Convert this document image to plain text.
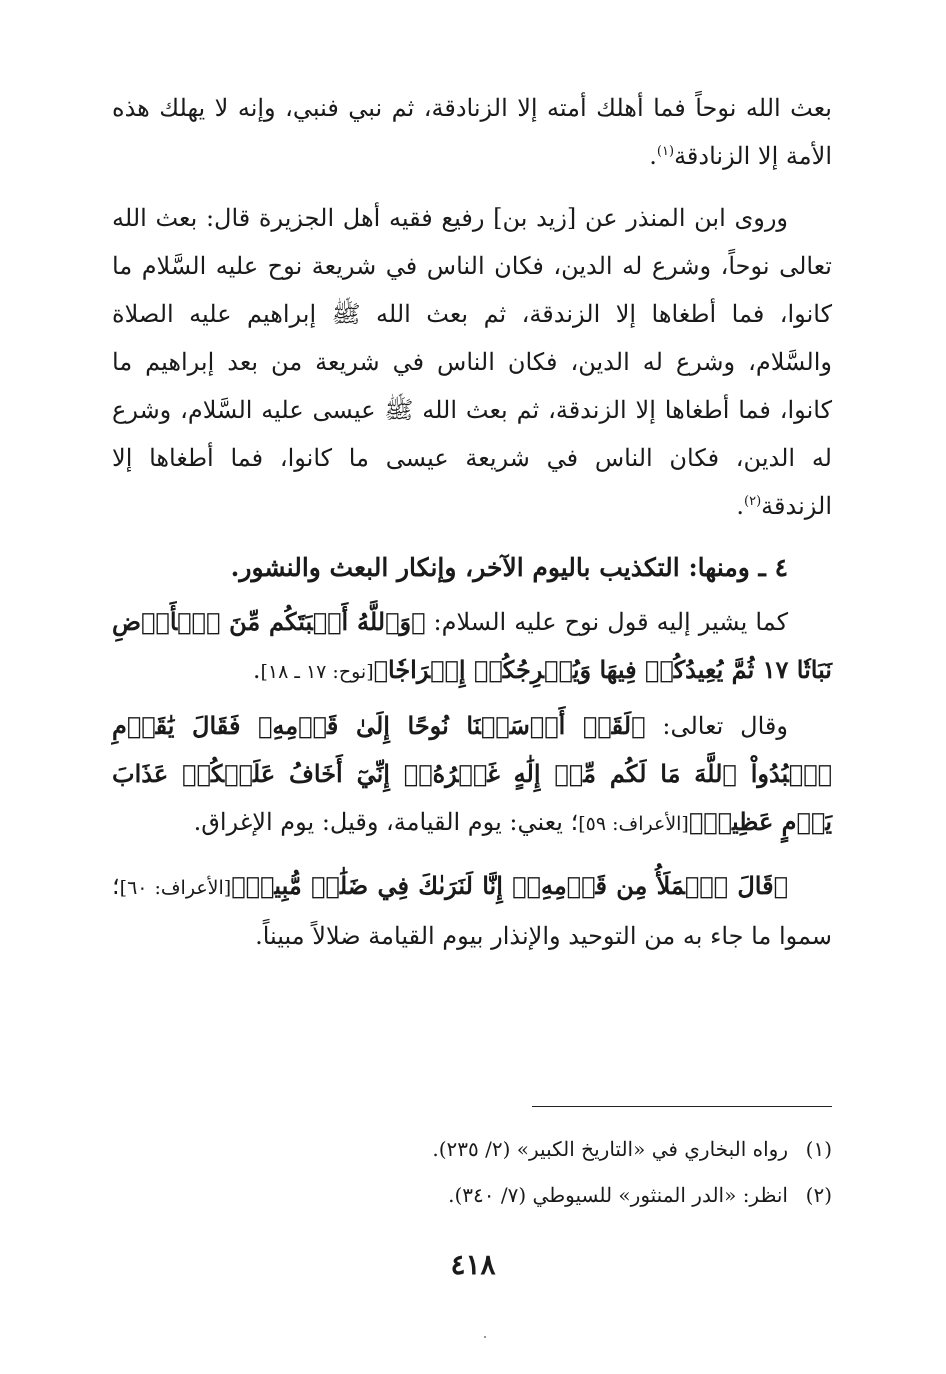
بعث الله نوحاً فما أهلك أمته إلا الزنادقة، ثم نبي فنبي، وإنه لا يهلك هذه الأمة إلا الزنادقة$^{(١)}$.

وروى ابن المنذر عن [زيد بن] رفيع فقيه أهل الجزيرة قال: بعث الله تعالى نوحاً، وشرع له الدين، فكان الناس في شريعة نوح عليه السَّلام ما كانوا، فما أطغاها إلا الزندقة، ثم بعث الله ﷺ إبراهيم عليه الصلاة والسَّلام، وشرع له الدين، فكان الناس في شريعة من بعد إبراهيم ما كانوا، فما أطغاها إلا الزندقة، ثم بعث الله ﷺ عيسى عليه السَّلام، وشرع له الدين، فكان الناس في شريعة عيسى ما كانوا، فما أطغاها إلا الزندقة$^{(٢)}$.

٤ ـ ومنها: التكذيب باليوم الآخر، وإنكار البعث والنشور.

كما يشير إليه قول نوح عليه السلام: ﴿وَٱللَّهُ أَنۢبَتَكُم مِّنَ ٱلۡأَرۡضِ نَبَاتٗا ١٧ ثُمَّ يُعِيدُكُمۡ فِيهَا وَيُخۡرِجُكُمۡ إِخۡرَاجٗا﴾[نوح: ١٧ ـ ١٨].

وقال تعالى: ﴿لَقَدۡ أَرۡسَلۡنَا نُوحًا إِلَىٰ قَوۡمِهِۦ فَقَالَ يَٰقَوۡمِ ٱعۡبُدُواْ ٱللَّهَ مَا لَكُم مِّنۡ إِلَٰهٍ غَيۡرُهُۥٓ إِنِّيٓ أَخَافُ عَلَيۡكُمۡ عَذَابَ يَوۡمٍ عَظِيمٖ﴾[الأعراف: ٥٩]؛ يعني: يوم القيامة، وقيل: يوم الإغراق.

﴿قَالَ ٱلۡمَلَأُ مِن قَوۡمِهِۦٓ إِنَّا لَنَرَىٰكَ فِي ضَلَٰلٖ مُّبِينٖ﴾[الأعراف: ٦٠]؛ سموا ما جاء به من التوحيد والإنذار بيوم القيامة ضلالاً مبيناً.

(١)رواه البخاري في «التاريخ الكبير» (٢/ ٢٣٥).

(٢)انظر: «الدر المنثور» للسيوطي (٧/ ٣٤٠).

٤١٨
